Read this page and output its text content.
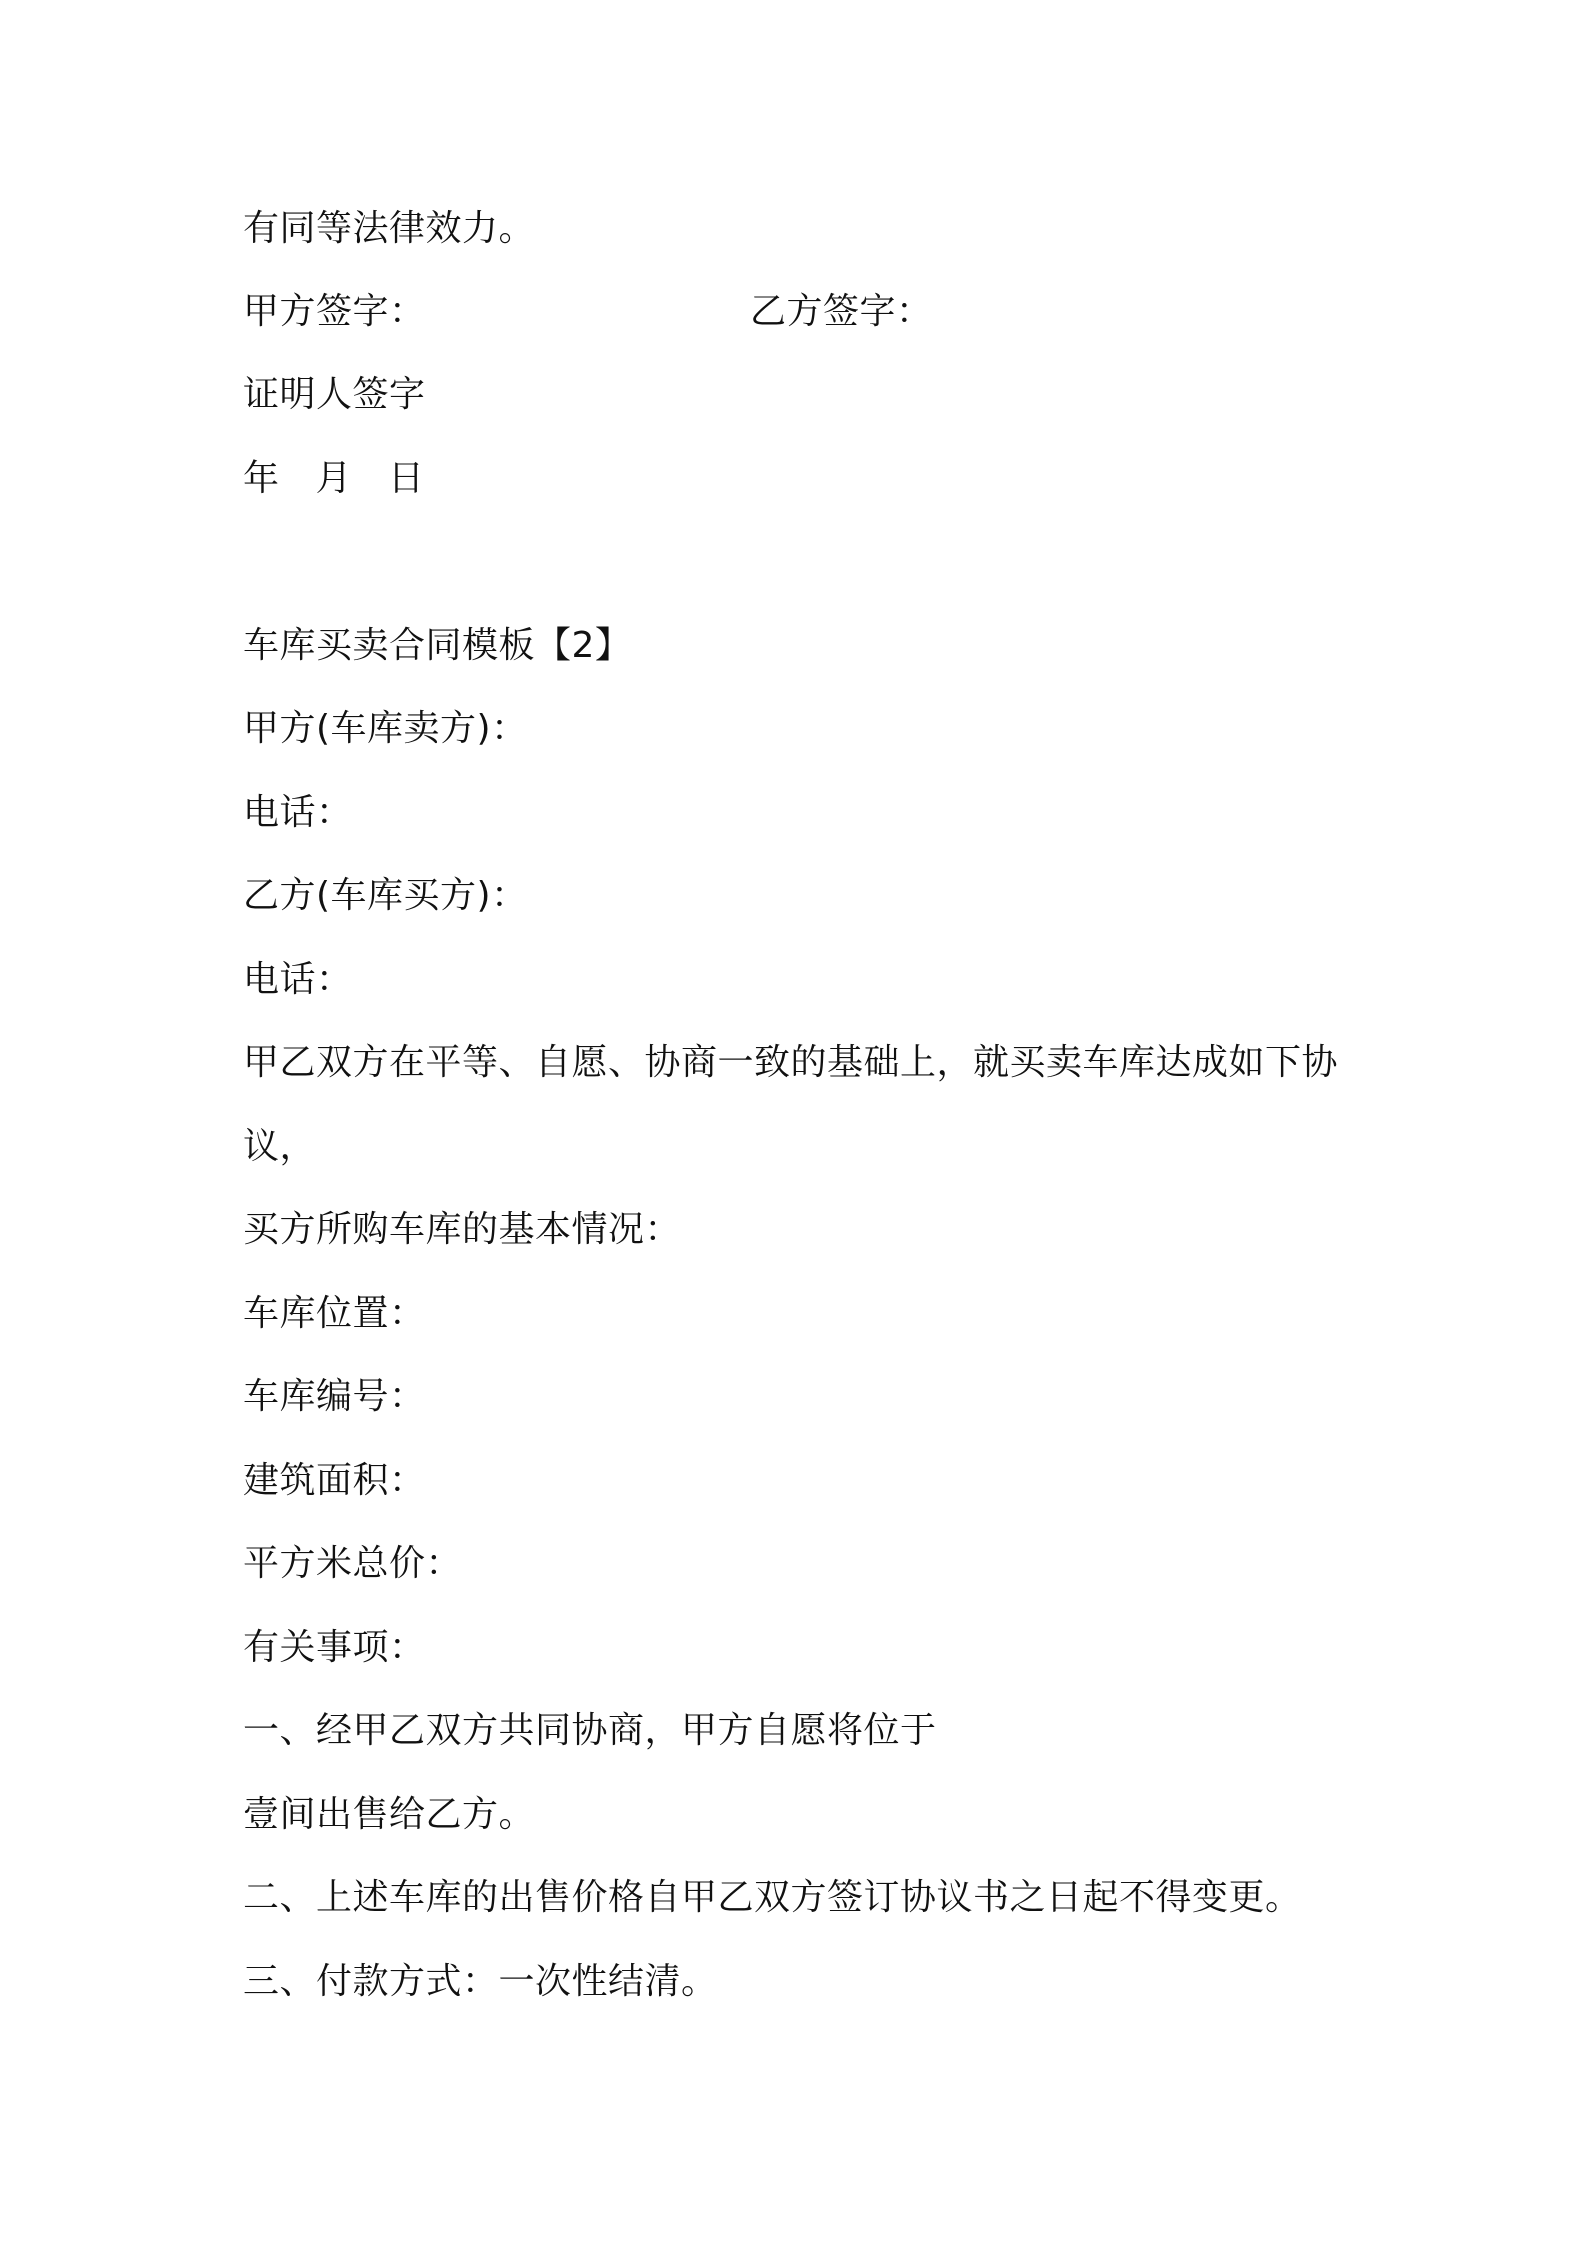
有同等法律效力。
甲方签字：	乙方签字：
证明人签字
年 月 日
车库买卖合同模板【2】
甲方(车库卖方)：
电话：
乙方(车库买方)：
电话：
甲乙双方在平等、自愿、协商一致的基础上，就买卖车库达成如下协
议，
买方所购车库的基本情况：
车库位置：
车库编号：
建筑面积：
平方米总价：
有关事项：
一、经甲乙双方共同协商，甲方自愿将位于
壹间出售给乙方。
二、上述车库的出售价格自甲乙双方签订协议书之日起不得变更。
三、付款方式：一次性结清。
